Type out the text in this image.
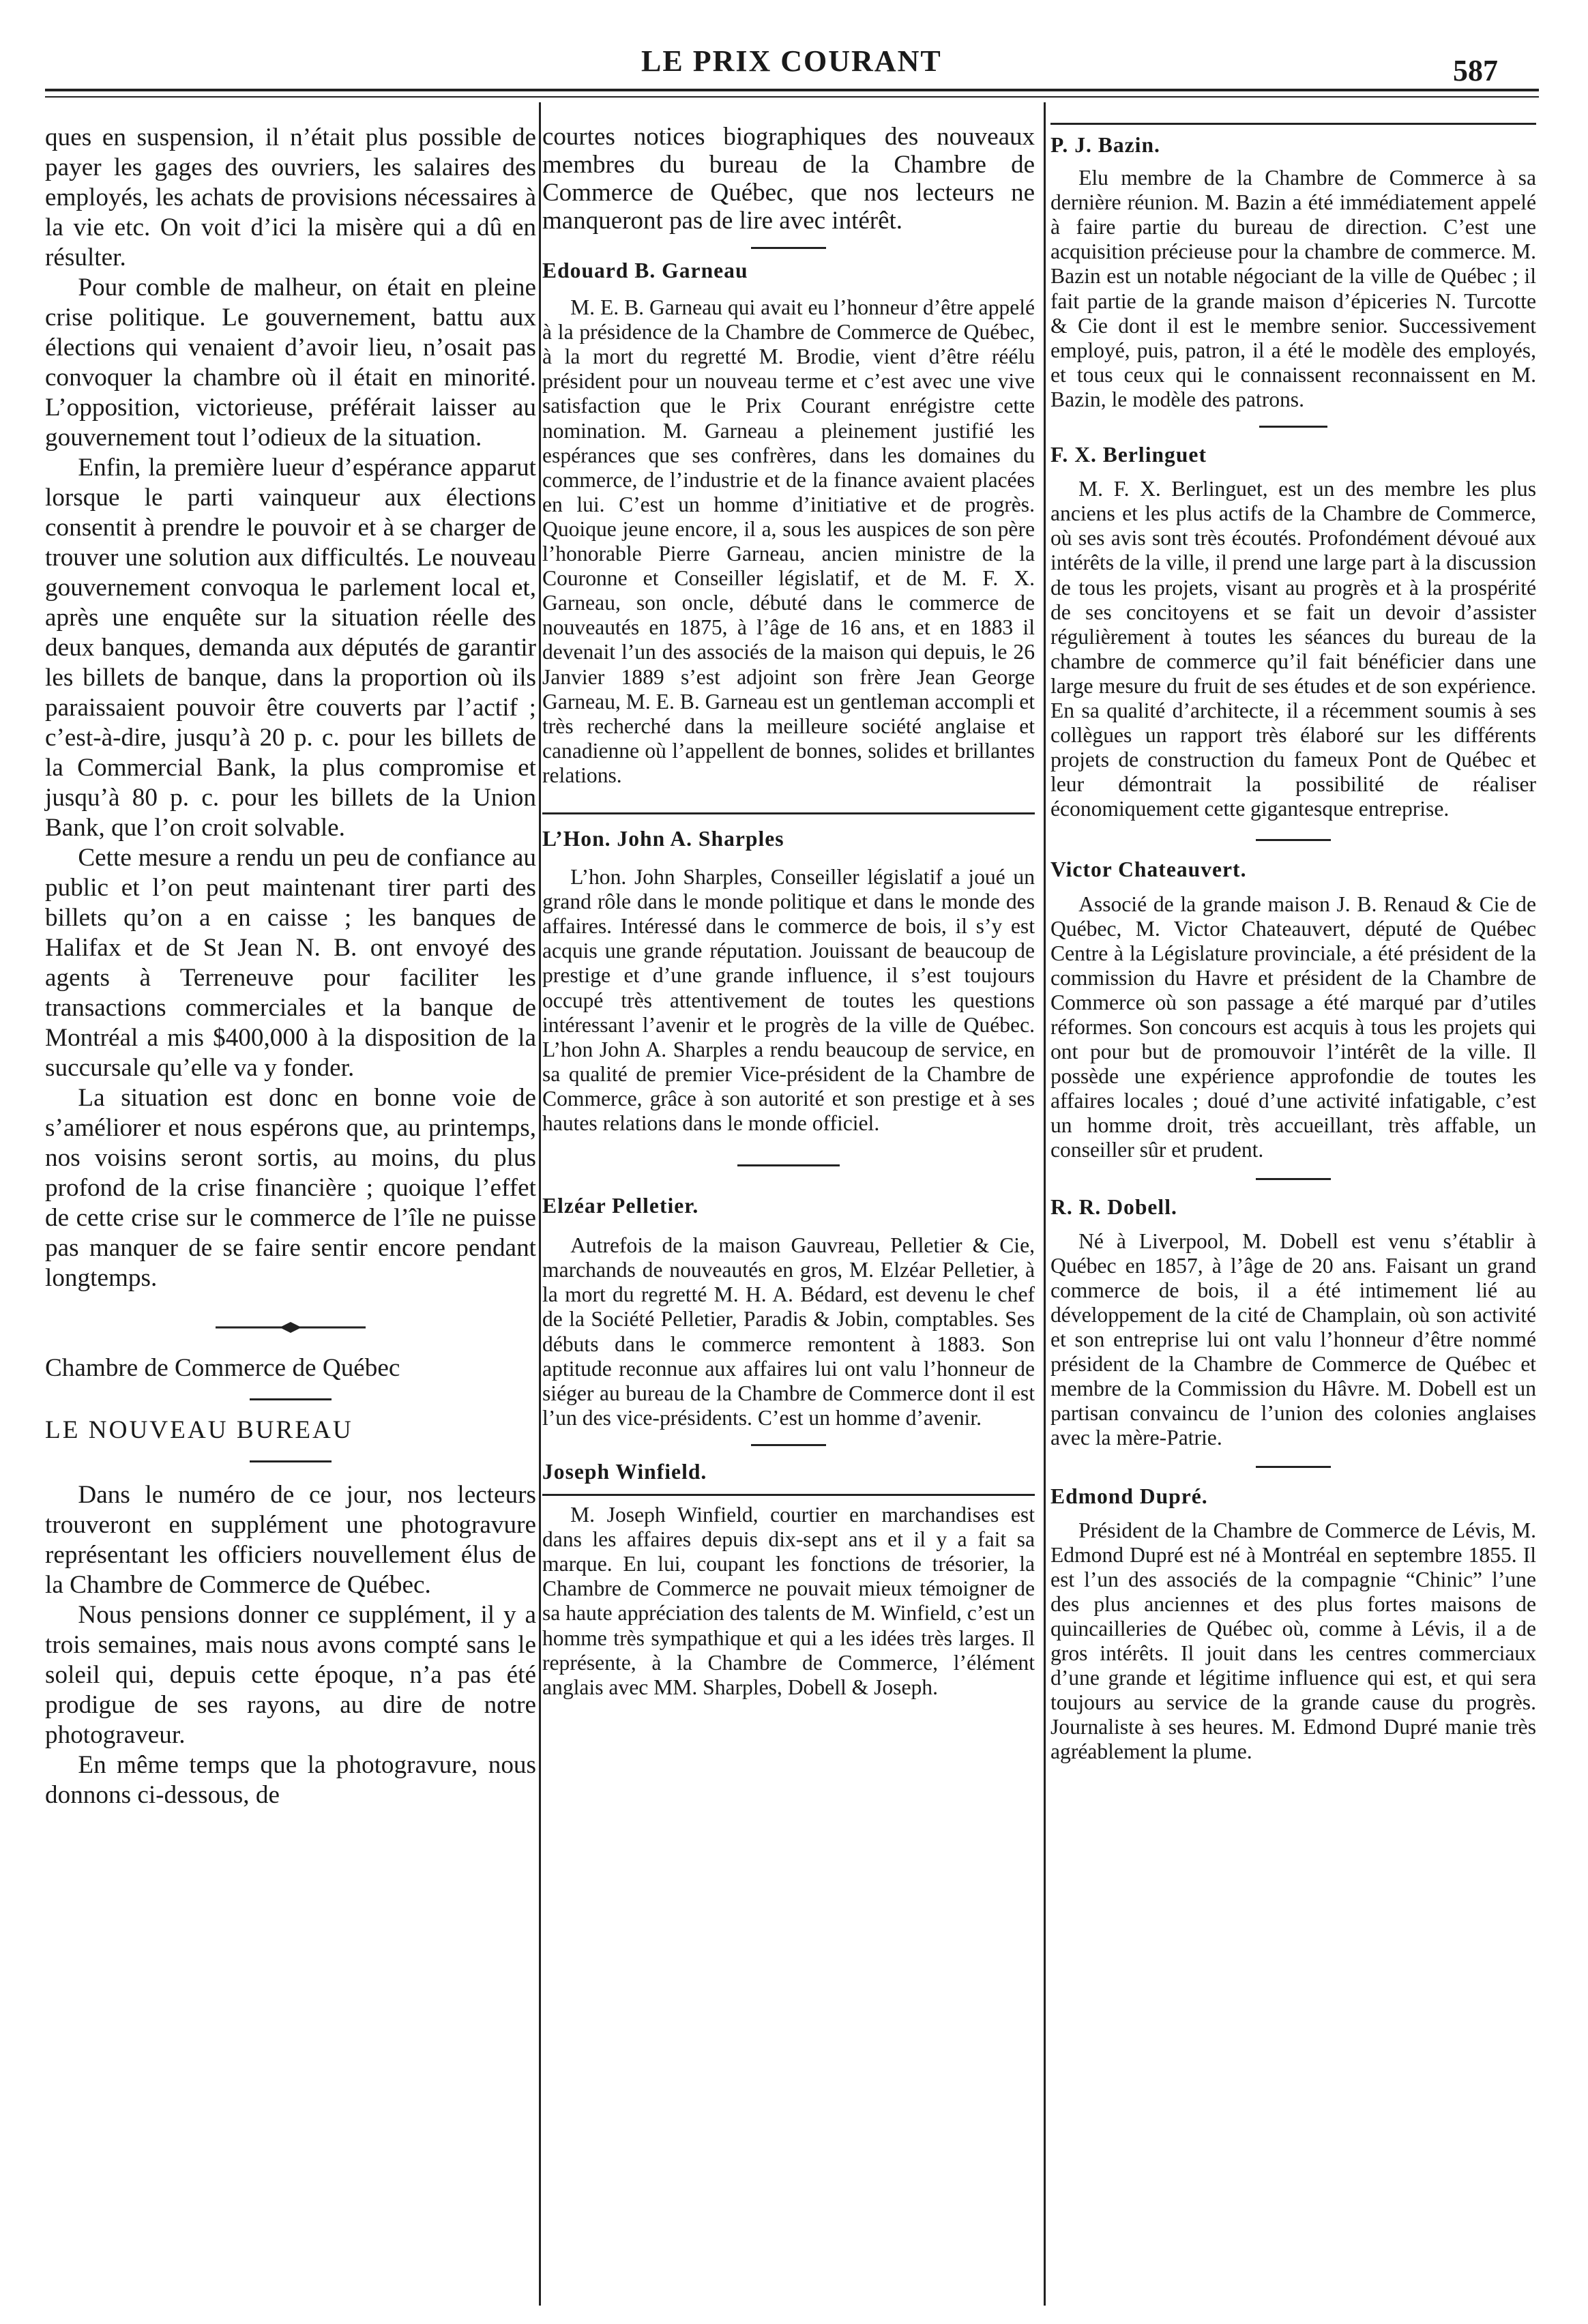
LE PRIX COURANT	587

ques en suspension, il n’était plus possible de payer les gages des ouvriers, les salaires des employés, les achats de provisions nécessaires à la vie etc. On voit d’ici la misère qui a dû en résulter.

Pour comble de malheur, on était en pleine crise politique. Le gouvernement, battu aux élections qui venaient d’avoir lieu, n’osait pas convoquer la chambre où il était en minorité. L’opposition, victorieuse, préférait laisser au gouvernement tout l’odieux de la situation.

Enfin, la première lueur d’espérance apparut lorsque le parti vainqueur aux élections consentit à prendre le pouvoir et à se charger de trouver une solution aux difficultés. Le nouveau gouvernement convoqua le parlement local et, après une enquête sur la situation réelle des deux banques, demanda aux députés de garantir les billets de banque, dans la proportion où ils paraissaient pouvoir être couverts par l’actif ; c’est-à-dire, jusqu’à 20 p. c. pour les billets de la Commercial Bank, la plus compromise et jusqu’à 80 p. c. pour les billets de la Union Bank, que l’on croit solvable.

Cette mesure a rendu un peu de confiance au public et l’on peut maintenant tirer parti des billets qu’on a en caisse ; les banques de Halifax et de St Jean N. B. ont envoyé des agents à Terreneuve pour faciliter les transactions commerciales et la banque de Montréal a mis $400,000 à la disposition de la succursale qu’elle va y fonder.

La situation est donc en bonne voie de s’améliorer et nous espérons que, au printemps, nos voisins seront sortis, au moins, du plus profond de la crise financière ; quoique l’effet de cette crise sur le commerce de l’île ne puisse pas manquer de se faire sentir encore pendant longtemps.

Chambre de Commerce de Québec

LE NOUVEAU BUREAU

Dans le numéro de ce jour, nos lecteurs trouveront en supplément une photogravure représentant les officiers nouvellement élus de la Chambre de Commerce de Québec.

Nous pensions donner ce supplément, il y a trois semaines, mais nous avons compté sans le soleil qui, depuis cette époque, n’a pas été prodigue de ses rayons, au dire de notre photograveur.

En même temps que la photogravure, nous donnons ci-dessous, de

courtes notices biographiques des nouveaux membres du bureau de la Chambre de Commerce de Québec, que nos lecteurs ne manqueront pas de lire avec intérêt.

Edouard B. Garneau

M. E. B. Garneau qui avait eu l’honneur d’être appelé à la présidence de la Chambre de Commerce de Québec, à la mort du regretté M. Brodie, vient d’être réélu président pour un nouveau terme et c’est avec une vive satisfaction que le Prix Courant enrégistre cette nomination. M. Garneau a pleinement justifié les espérances que ses confrères, dans les domaines du commerce, de l’industrie et de la finance avaient placées en lui. C’est un homme d’initiative et de progrès. Quoique jeune encore, il a, sous les auspices de son père l’honorable Pierre Garneau, ancien ministre de la Couronne et Conseiller législatif, et de M. F. X. Garneau, son oncle, débuté dans le commerce de nouveautés en 1875, à l’âge de 16 ans, et en 1883 il devenait l’un des associés de la maison qui depuis, le 26 Janvier 1889 s’est adjoint son frère Jean George Garneau, M. E. B. Garneau est un gentleman accompli et très recherché dans la meilleure société anglaise et canadienne où l’appellent de bonnes, solides et brillantes relations.

L’Hon. John A. Sharples

L’hon. John Sharples, Conseiller législatif a joué un grand rôle dans le monde politique et dans le monde des affaires. Intéressé dans le commerce de bois, il s’y est acquis une grande réputation. Jouissant de beaucoup de prestige et d’une grande influence, il s’est toujours occupé très attentivement de toutes les questions intéressant l’avenir et le progrès de la ville de Québec. L’hon John A. Sharples a rendu beaucoup de service, en sa qualité de premier Vice-président de la Chambre de Commerce, grâce à son autorité et son prestige et à ses hautes relations dans le monde officiel.

Elzéar Pelletier.

Autrefois de la maison Gauvreau, Pelletier & Cie, marchands de nouveautés en gros, M. Elzéar Pelletier, à la mort du regretté M. H. A. Bédard, est devenu le chef de la Société Pelletier, Paradis & Jobin, comptables. Ses débuts dans le commerce remontent à 1883. Son aptitude reconnue aux affaires lui ont valu l’honneur de siéger au bureau de la Chambre de Commerce dont il est l’un des vice-présidents. C’est un homme d’avenir.

Joseph Winfield.

M. Joseph Winfield, courtier en marchandises est dans les affaires depuis dix-sept ans et il y a fait sa marque. En lui, coupant les fonctions de trésorier, la Chambre de Commerce ne pouvait mieux témoigner de sa haute appréciation des talents de M. Winfield, c’est un homme très sympathique et qui a les idées très larges. Il représente, à la Chambre de Commerce, l’élément anglais avec MM. Sharples, Dobell & Joseph.

P. J. Bazin.

Elu membre de la Chambre de Commerce à sa dernière réunion. M. Bazin a été immédiatement appelé à faire partie du bureau de direction. C’est une acquisition précieuse pour la chambre de commerce. M. Bazin est un notable négociant de la ville de Québec ; il fait partie de la grande maison d’épiceries N. Turcotte & Cie dont il est le membre senior. Successivement employé, puis, patron, il a été le modèle des employés, et tous ceux qui le connaissent reconnaissent en M. Bazin, le modèle des patrons.

F. X. Berlinguet

M. F. X. Berlinguet, est un des membre les plus anciens et les plus actifs de la Chambre de Commerce, où ses avis sont très écoutés. Profondément dévoué aux intérêts de la ville, il prend une large part à la discussion de tous les projets, visant au progrès et à la prospérité de ses concitoyens et se fait un devoir d’assister régulièrement à toutes les séances du bureau de la chambre de commerce qu’il fait bénéficier dans une large mesure du fruit de ses études et de son expérience. En sa qualité d’architecte, il a récemment soumis à ses collègues un rapport très élaboré sur les différents projets de construction du fameux Pont de Québec et leur démontrait la possibilité de réaliser économiquement cette gigantesque entreprise.

Victor Chateauvert.

Associé de la grande maison J. B. Renaud & Cie de Québec, M. Victor Chateauvert, député de Québec Centre à la Législature provinciale, a été président de la commission du Havre et président de la Chambre de Commerce où son passage a été marqué par d’utiles réformes. Son concours est acquis à tous les projets qui ont pour but de promouvoir l’intérêt de la ville. Il possède une expérience approfondie de toutes les affaires locales ; doué d’une activité infatigable, c’est un homme droit, très accueillant, très affable, un conseiller sûr et prudent.

R. R. Dobell.

Né à Liverpool, M. Dobell est venu s’établir à Québec en 1857, à l’âge de 20 ans. Faisant un grand commerce de bois, il a été intimement lié au développement de la cité de Champlain, où son activité et son entreprise lui ont valu l’honneur d’être nommé président de la Chambre de Commerce de Québec et membre de la Commission du Hâvre. M. Dobell est un partisan convaincu de l’union des colonies anglaises avec la mère-Patrie.

Edmond Dupré.

Président de la Chambre de Commerce de Lévis, M. Edmond Dupré est né à Montréal en septembre 1855. Il est l’un des associés de la compagnie “Chinic” l’une des plus anciennes et des plus fortes maisons de quincailleries de Québec où, comme à Lévis, il a de gros intérêts. Il jouit dans les centres commerciaux d’une grande et légitime influence qui est, et qui sera toujours au service de la grande cause du progrès. Journaliste à ses heures. M. Edmond Dupré manie très agréablement la plume.
